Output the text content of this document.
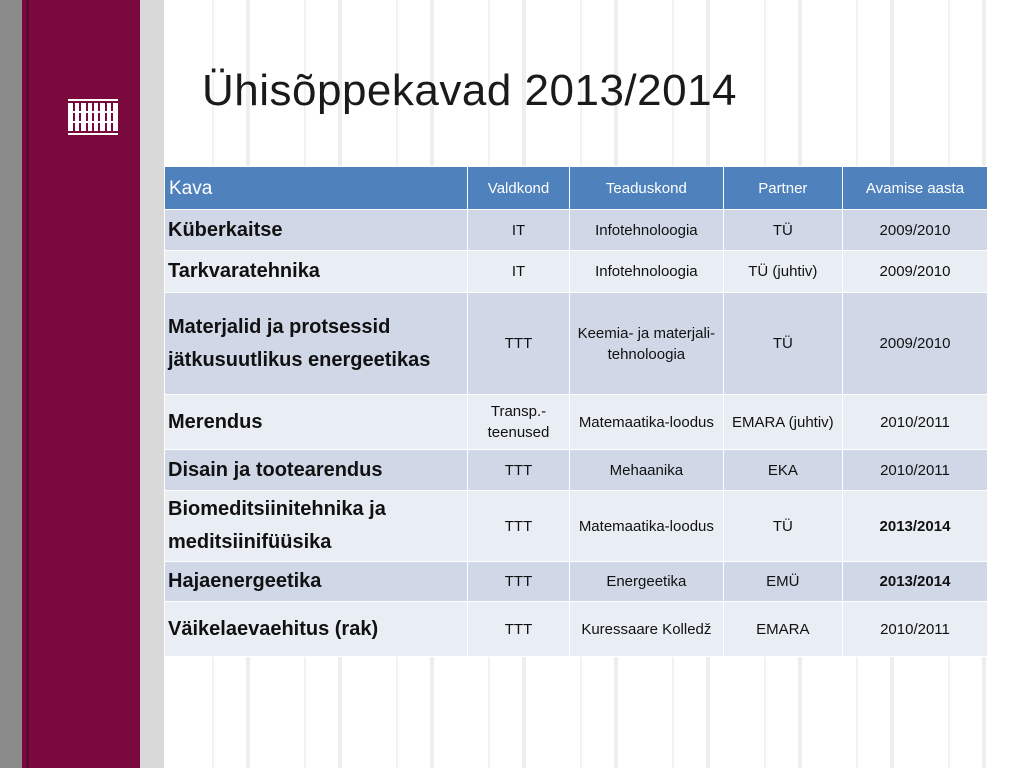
Ühisõppekavad 2013/2014
Kava	Valdkond	Teaduskond	Partner	Avamise aasta
Küberkaitse	IT	Infotehnoloogia	TÜ	2009/2010
Tarkvaratehnika	IT	Infotehnoloogia	TÜ (juhtiv)	2009/2010
Materjalid ja protsessid jätkusuutlikus energeetikas	TTT	Keemia- ja materjali-tehnoloogia	TÜ	2009/2010
Merendus	Transp.-teenused	Matemaatika-loodus	EMARA (juhtiv)	2010/2011
Disain ja tootearendus	TTT	Mehaanika	EKA	2010/2011
Biomeditsiinitehnika ja meditsiinifüüsika	TTT	Matemaatika-loodus	TÜ	2013/2014
Hajaenergeetika	TTT	Energeetika	EMÜ	2013/2014
Väikelaevaehitus (rak)	TTT	Kuressaare Kolledž	EMARA	2010/2011
